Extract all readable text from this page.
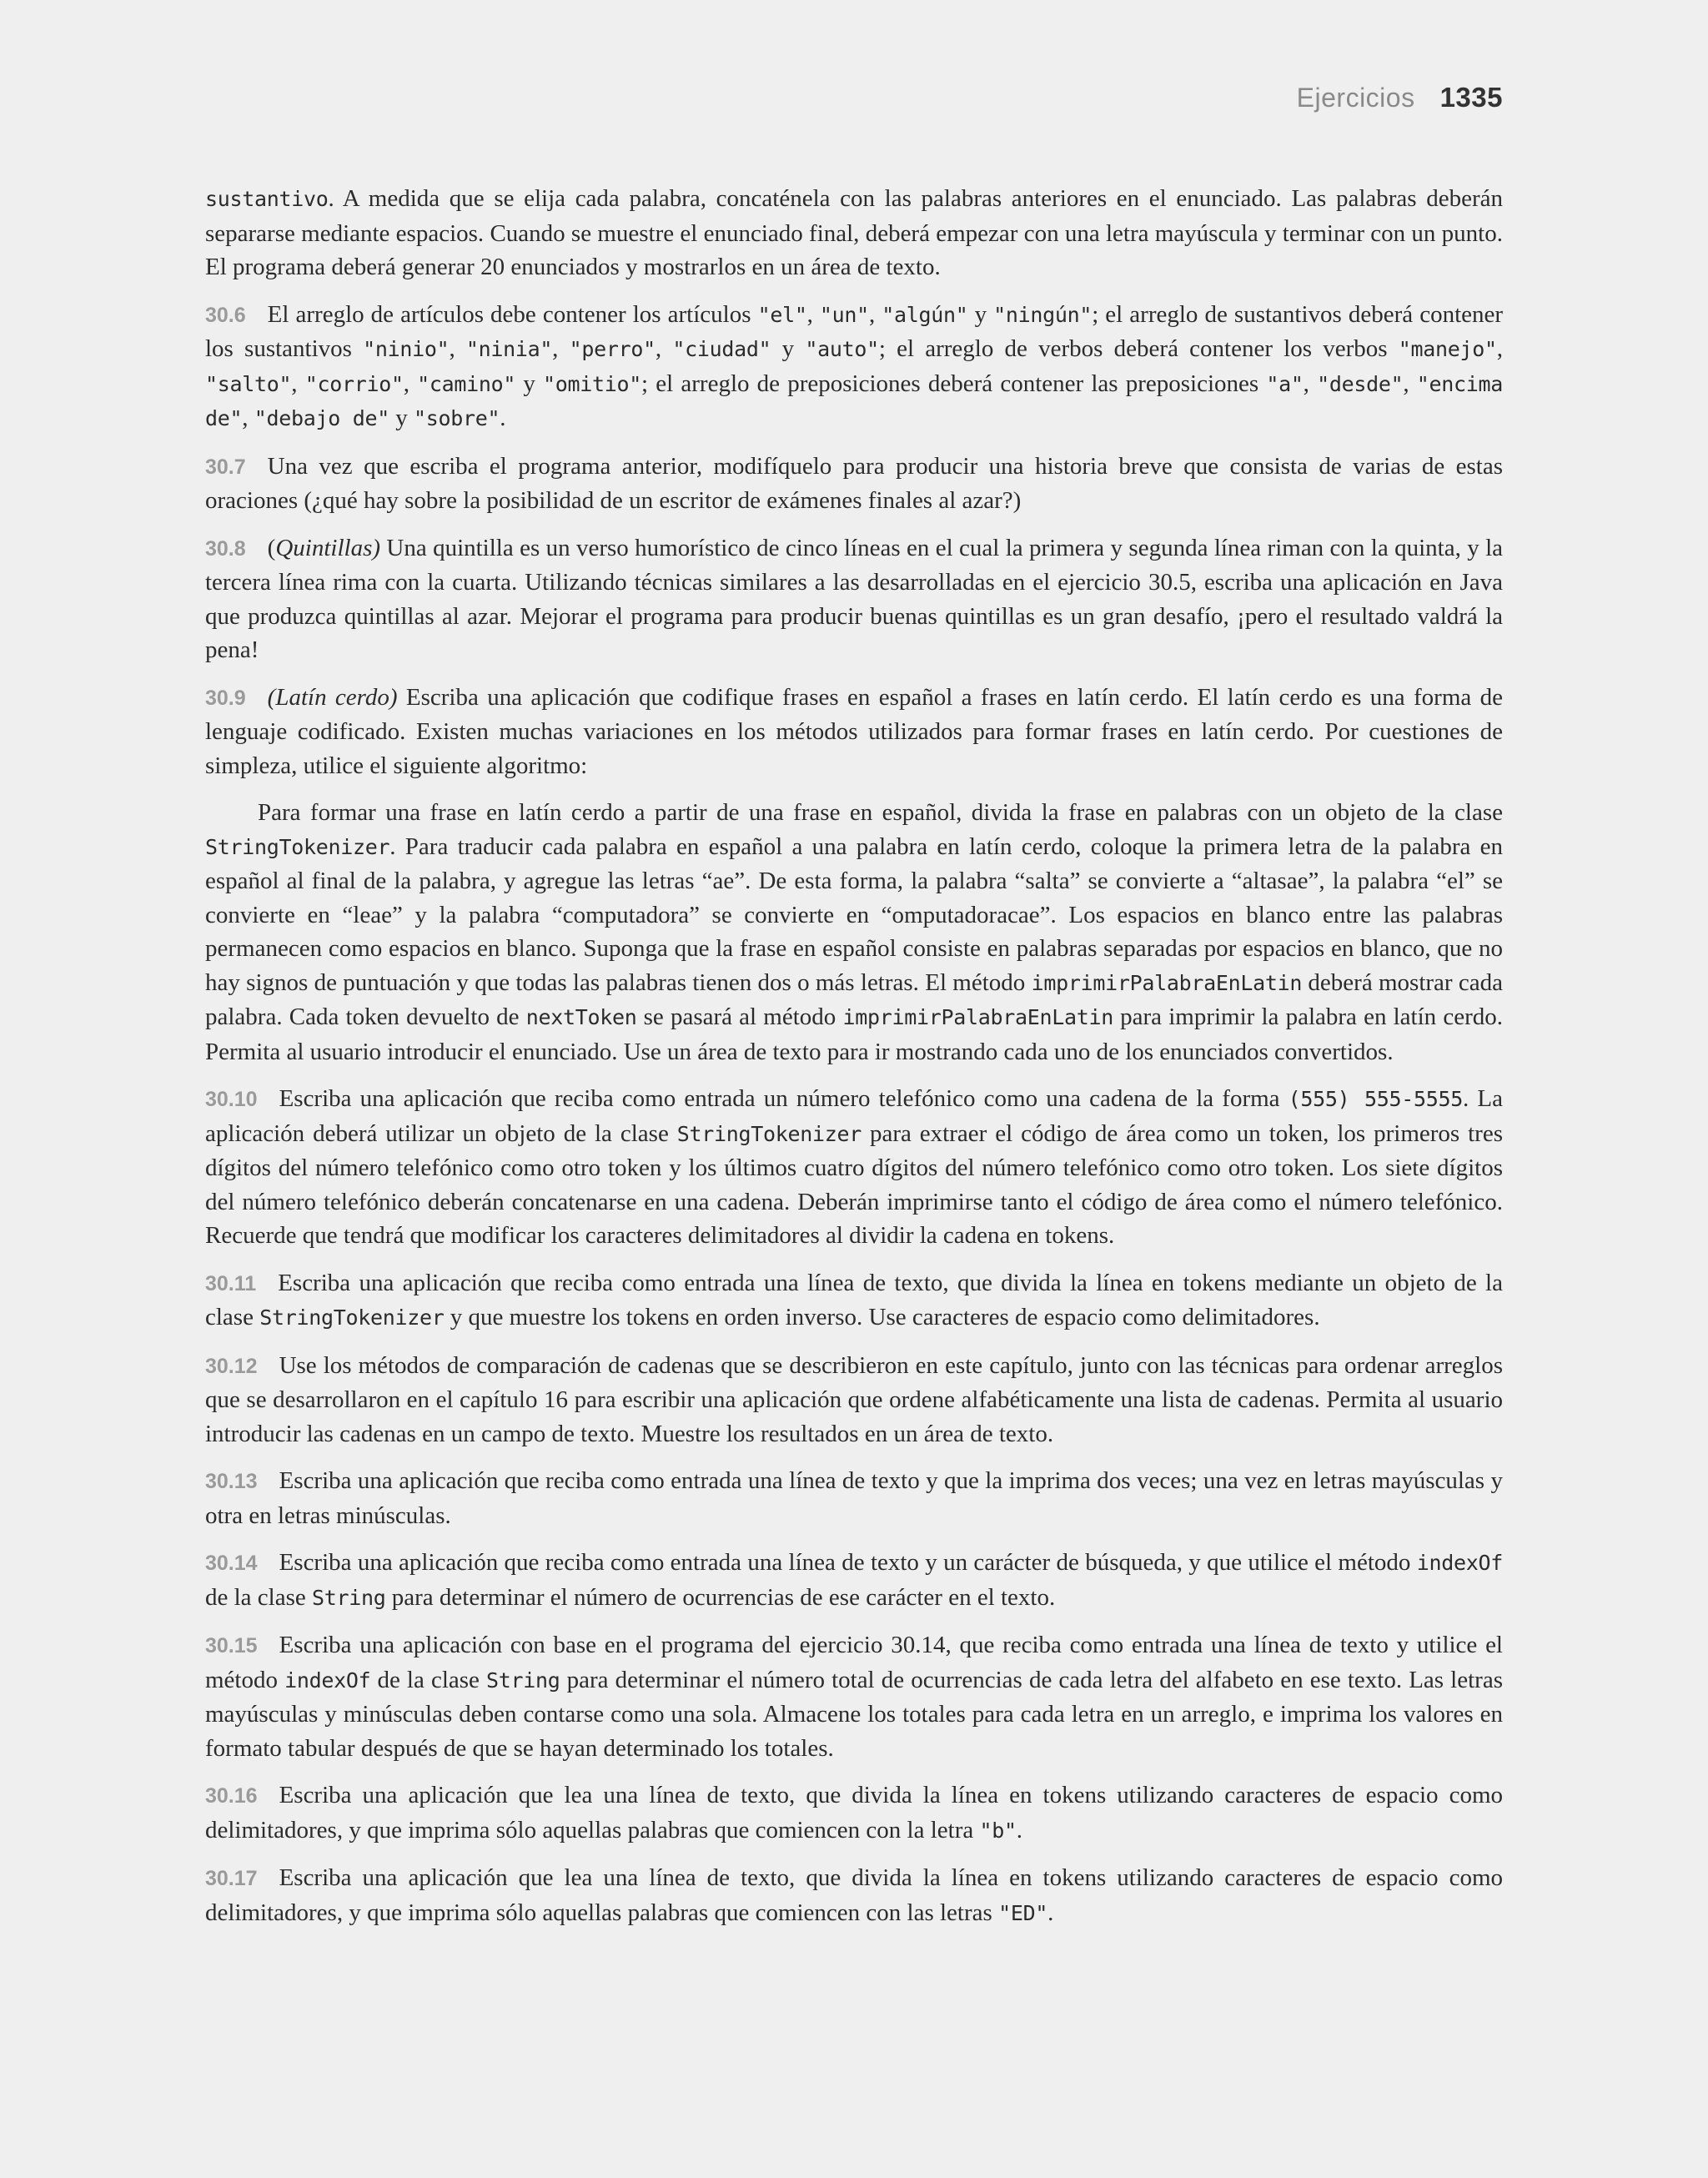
Ejercicios 1335

sustantivo. A medida que se elija cada palabra, concaténela con las palabras anteriores en el enunciado. Las palabras deberán separarse mediante espacios. Cuando se muestre el enunciado final, deberá empezar con una letra mayúscula y terminar con un punto. El programa deberá generar 20 enunciados y mostrarlos en un área de texto.

30.6 El arreglo de artículos debe contener los artículos "el", "un", "algún" y "ningún"; el arreglo de sustantivos deberá contener los sustantivos "ninio", "ninia", "perro", "ciudad" y "auto"; el arreglo de verbos deberá contener los verbos "manejo", "salto", "corrio", "camino" y "omitio"; el arreglo de preposiciones deberá contener las preposiciones "a", "desde", "encima de", "debajo de" y "sobre".

30.7 Una vez que escriba el programa anterior, modifíquelo para producir una historia breve que consista de varias de estas oraciones (¿qué hay sobre la posibilidad de un escritor de exámenes finales al azar?)

30.8 (Quintillas) Una quintilla es un verso humorístico de cinco líneas en el cual la primera y segunda línea riman con la quinta, y la tercera línea rima con la cuarta. Utilizando técnicas similares a las desarrolladas en el ejercicio 30.5, escriba una aplicación en Java que produzca quintillas al azar. Mejorar el programa para producir buenas quintillas es un gran desafío, ¡pero el resultado valdrá la pena!

30.9 (Latín cerdo) Escriba una aplicación que codifique frases en español a frases en latín cerdo. El latín cerdo es una forma de lenguaje codificado. Existen muchas variaciones en los métodos utilizados para formar frases en latín cerdo. Por cuestiones de simpleza, utilice el siguiente algoritmo:

Para formar una frase en latín cerdo a partir de una frase en español, divida la frase en palabras con un objeto de la clase StringTokenizer. Para traducir cada palabra en español a una palabra en latín cerdo, coloque la primera letra de la palabra en español al final de la palabra, y agregue las letras “ae”. De esta forma, la palabra “salta” se convierte a “altasae”, la palabra “el” se convierte en “leae” y la palabra “computadora” se convierte en “omputadoracae”. Los espacios en blanco entre las palabras permanecen como espacios en blanco. Suponga que la frase en español consiste en palabras separadas por espacios en blanco, que no hay signos de puntuación y que todas las palabras tienen dos o más letras. El método imprimirPalabraEnLatin deberá mostrar cada palabra. Cada token devuelto de nextToken se pasará al método imprimirPalabraEnLatin para imprimir la palabra en latín cerdo. Permita al usuario introducir el enunciado. Use un área de texto para ir mostrando cada uno de los enunciados convertidos.

30.10 Escriba una aplicación que reciba como entrada un número telefónico como una cadena de la forma (555) 555-5555. La aplicación deberá utilizar un objeto de la clase StringTokenizer para extraer el código de área como un token, los primeros tres dígitos del número telefónico como otro token y los últimos cuatro dígitos del número telefónico como otro token. Los siete dígitos del número telefónico deberán concatenarse en una cadena. Deberán imprimirse tanto el código de área como el número telefónico. Recuerde que tendrá que modificar los caracteres delimitadores al dividir la cadena en tokens.

30.11 Escriba una aplicación que reciba como entrada una línea de texto, que divida la línea en tokens mediante un objeto de la clase StringTokenizer y que muestre los tokens en orden inverso. Use caracteres de espacio como delimitadores.

30.12 Use los métodos de comparación de cadenas que se describieron en este capítulo, junto con las técnicas para ordenar arreglos que se desarrollaron en el capítulo 16 para escribir una aplicación que ordene alfabéticamente una lista de cadenas. Permita al usuario introducir las cadenas en un campo de texto. Muestre los resultados en un área de texto.

30.13 Escriba una aplicación que reciba como entrada una línea de texto y que la imprima dos veces; una vez en letras mayúsculas y otra en letras minúsculas.

30.14 Escriba una aplicación que reciba como entrada una línea de texto y un carácter de búsqueda, y que utilice el método indexOf de la clase String para determinar el número de ocurrencias de ese carácter en el texto.

30.15 Escriba una aplicación con base en el programa del ejercicio 30.14, que reciba como entrada una línea de texto y utilice el método indexOf de la clase String para determinar el número total de ocurrencias de cada letra del alfabeto en ese texto. Las letras mayúsculas y minúsculas deben contarse como una sola. Almacene los totales para cada letra en un arreglo, e imprima los valores en formato tabular después de que se hayan determinado los totales.

30.16 Escriba una aplicación que lea una línea de texto, que divida la línea en tokens utilizando caracteres de espacio como delimitadores, y que imprima sólo aquellas palabras que comiencen con la letra "b".

30.17 Escriba una aplicación que lea una línea de texto, que divida la línea en tokens utilizando caracteres de espacio como delimitadores, y que imprima sólo aquellas palabras que comiencen con las letras "ED".
